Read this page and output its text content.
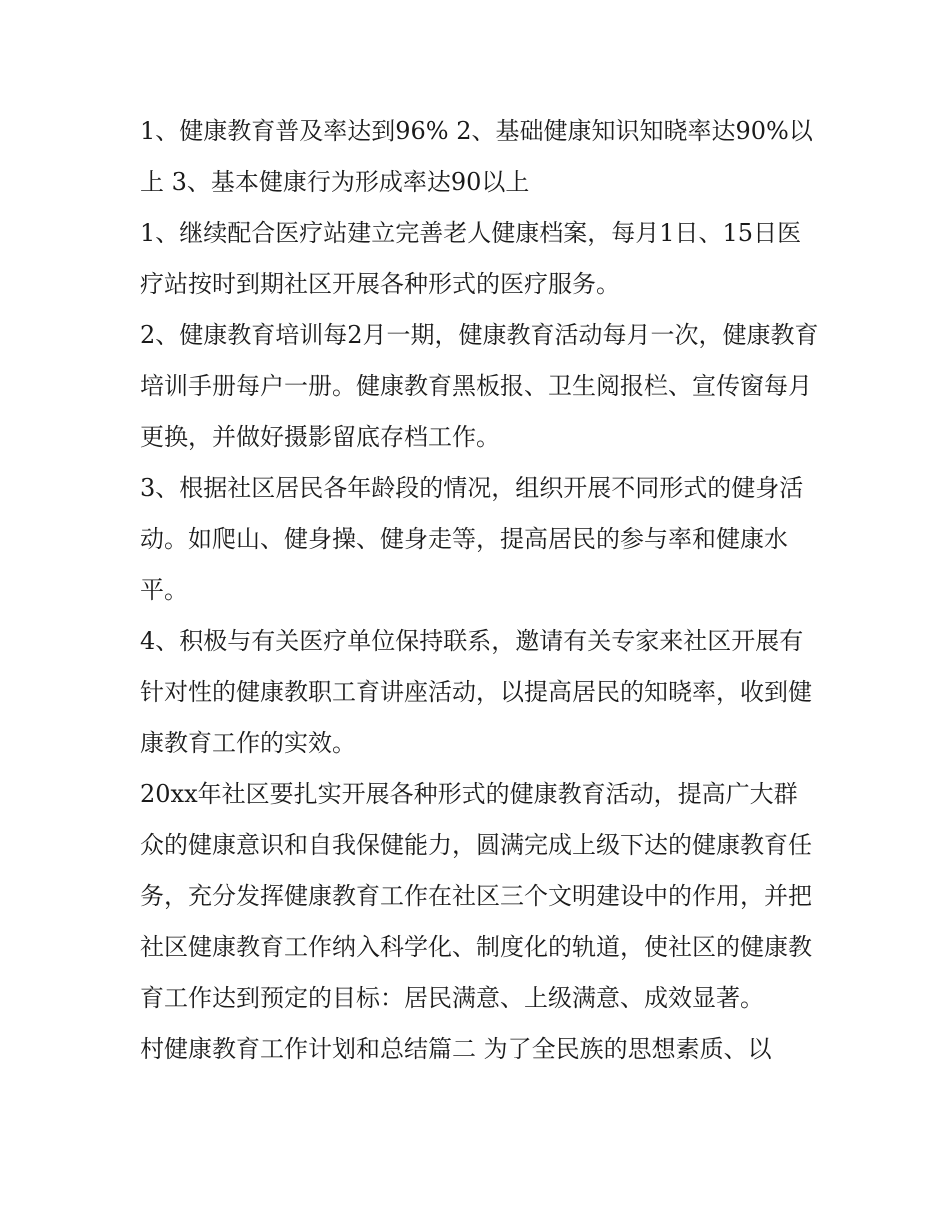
1、健康教育普及率达到96% 2、基础健康知识知晓率达90%以上 3、基本健康行为形成率达90以上

1、继续配合医疗站建立完善老人健康档案，每月1日、15日医疗站按时到期社区开展各种形式的医疗服务。

2、健康教育培训每2月一期，健康教育活动每月一次，健康教育培训手册每户一册。健康教育黑板报、卫生阅报栏、宣传窗每月更换，并做好摄影留底存档工作。

3、根据社区居民各年龄段的情况，组织开展不同形式的健身活动。如爬山、健身操、健身走等，提高居民的参与率和健康水平。

4、积极与有关医疗单位保持联系，邀请有关专家来社区开展有针对性的健康教职工育讲座活动，以提高居民的知晓率，收到健康教育工作的实效。

20xx年社区要扎实开展各种形式的健康教育活动，提高广大群众的健康意识和自我保健能力，圆满完成上级下达的健康教育任务，充分发挥健康教育工作在社区三个文明建设中的作用，并把社区健康教育工作纳入科学化、制度化的轨道，使社区的健康教育工作达到预定的目标：居民满意、上级满意、成效显著。

村健康教育工作计划和总结篇二 为了全民族的思想素质、以
